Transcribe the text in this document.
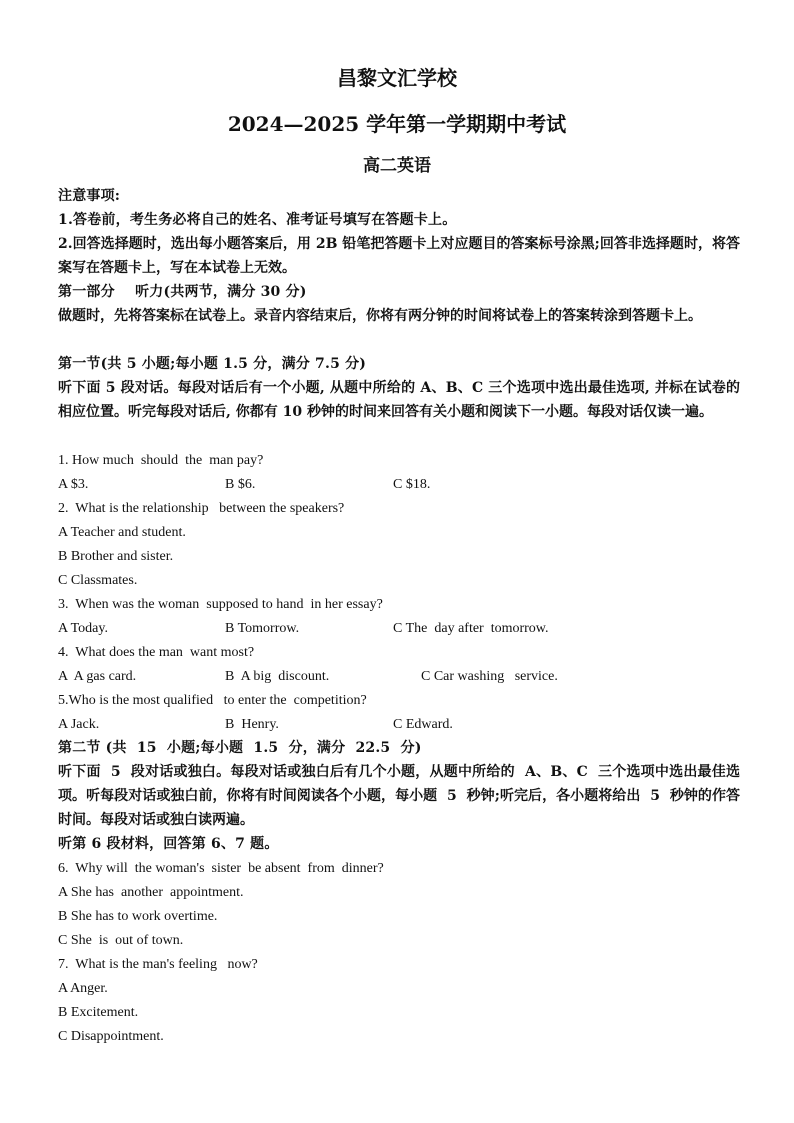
昌黎文汇学校
2024—2025 学年第一学期期中考试
高二英语
注意事项:
1.答卷前，考生务必将自己的姓名、准考证号填写在答题卡上。
2.回答选择题时，选出每小题答案后，用 2B 铅笔把答题卡上对应题目的答案标号涂黑;回答非选择题时，将答案写在答题卡上，写在本试卷上无效。
第一部分    听力(共两节，满分 30 分)
做题时，先将答案标在试卷上。录音内容结束后，你将有两分钟的时间将试卷上的答案转涂到答题卡上。
第一节(共 5 小题;每小题 1.5 分，满分 7.5 分)
听下面 5 段对话。每段对话后有一个小题, 从题中所给的 A、B、C 三个选项中选出最佳选项, 并标在试卷的相应位置。听完每段对话后, 你都有 10 秒钟的时间来回答有关小题和阅读下一小题。每段对话仅读一遍。
1. How much  should  the  man pay?
A $3.	B $6.	C $18.
2.  What is the relationship   between the speakers?
A Teacher and student.
B Brother and sister.
C Classmates.
3.  When was the woman  supposed to hand  in her essay?
A Today.	B Tomorrow.	C The  day after  tomorrow.
4.  What does the man  want most?
A  A gas card.	B  A big  discount.	C Car washing   service.
5.Who is the most qualified   to enter the  competition?
A Jack.	B  Henry.	C Edward.
第二节 (共  15  小题;每小题  1.5  分，满分  22.5  分)
听下面  5  段对话或独白。每段对话或独白后有几个小题，从题中所给的  A、B、C  三个选项中选出最佳选项。听每段对话或独白前，你将有时间阅读各个小题，每小题  5  秒钟;听完后，各小题将给出  5  秒钟的作答时间。每段对话或独白读两遍。
听第 6 段材料，回答第 6、7 题。
6.  Why will  the woman's  sister  be absent  from  dinner?
A She has  another  appointment.
B She has to work overtime.
C She  is  out of town.
7.  What is the man's feeling   now?
A Anger.
B Excitement.
C Disappointment.
